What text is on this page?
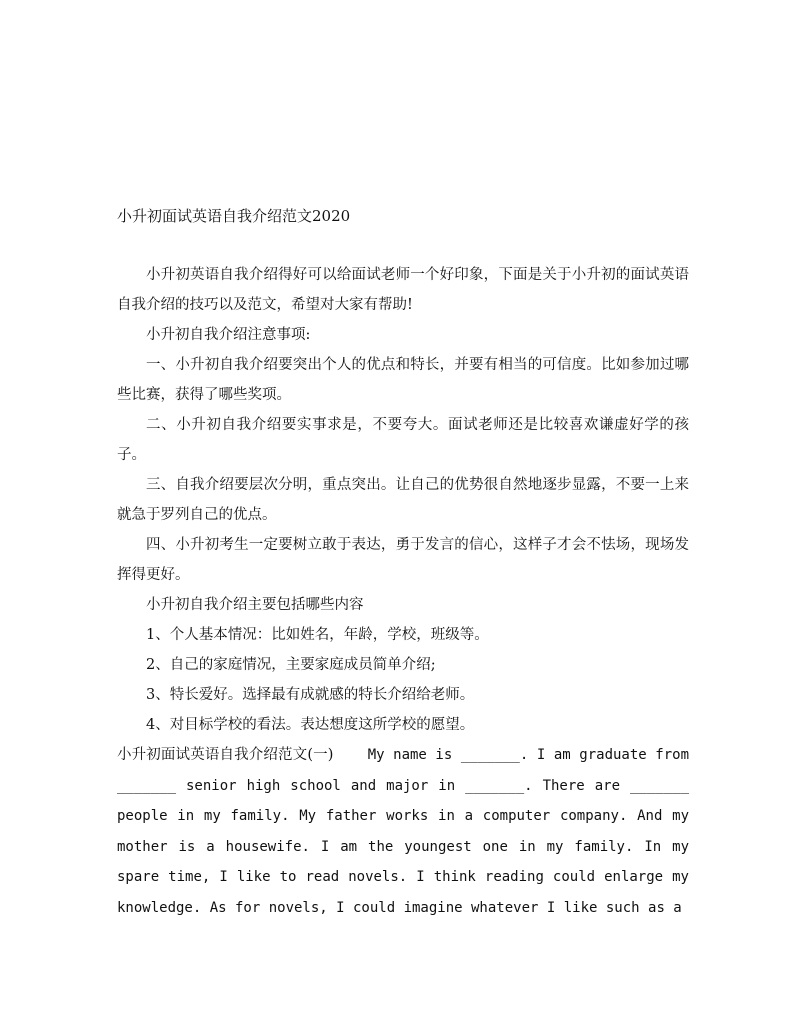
小升初面试英语自我介绍范文2020

小升初英语自我介绍得好可以给面试老师一个好印象，下面是关于小升初的面试英语自我介绍的技巧以及范文，希望对大家有帮助!

小升初自我介绍注意事项:

一、小升初自我介绍要突出个人的优点和特长，并要有相当的可信度。比如参加过哪些比赛，获得了哪些奖项。

二、小升初自我介绍要实事求是，不要夸大。面试老师还是比较喜欢谦虚好学的孩子。

三、自我介绍要层次分明，重点突出。让自己的优势很自然地逐步显露，不要一上来就急于罗列自己的优点。

四、小升初考生一定要树立敢于表达，勇于发言的信心，这样子才会不怯场，现场发挥得更好。

小升初自我介绍主要包括哪些内容

1、个人基本情况：比如姓名，年龄，学校，班级等。

2、自己的家庭情况，主要家庭成员简单介绍;

3、特长爱好。选择最有成就感的特长介绍给老师。

4、对目标学校的看法。表达想度这所学校的愿望。

小升初面试英语自我介绍范文(一) My name is _______. I am graduate from _______ senior high school and major in _______. There are _______ people in my family. My father works in a computer company. And my mother is a housewife. I am the youngest one in my family. In my spare time, I like to read novels. I think reading could enlarge my knowledge. As for novels, I could imagine whatever I like such as a
